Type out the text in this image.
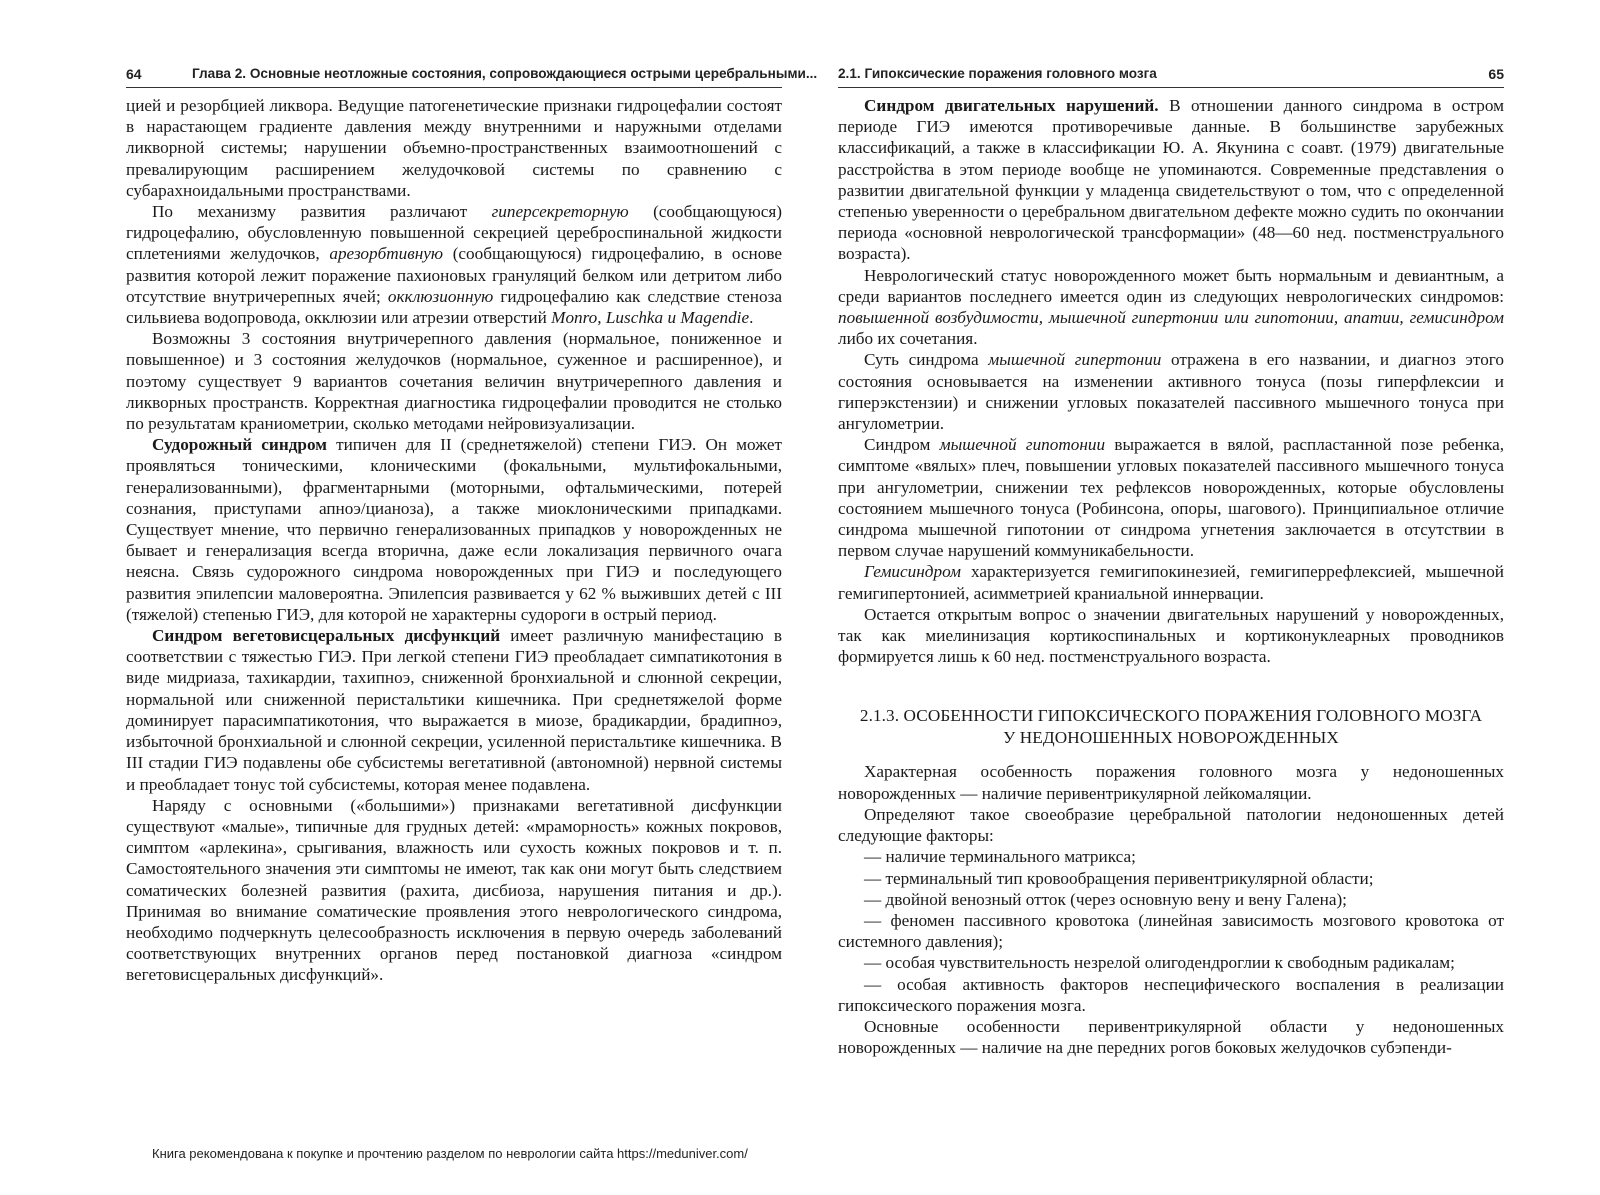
64	Глава 2. Основные неотложные состояния, сопровождающиеся острыми церебральными...

цией и резорбцией ликвора. Ведущие патогенетические признаки гидроцефалии состоят в нарастающем градиенте давления между внутренними и наружными отделами ликворной системы; нарушении объемно-пространственных взаимоотношений с превалирующим расширением желудочковой системы по сравнению с субарахноидальными пространствами.

По механизму развития различают гиперсекреторную (сообщающуюся) гидроцефалию, обусловленную повышенной секрецией цереброспинальной жидкости сплетениями желудочков, арезорбтивную (сообщающуюся) гидроцефалию, в основе развития которой лежит поражение пахионовых грануляций белком или детритом либо отсутствие внутричерепных ячей; окклюзионную гидроцефалию как следствие стеноза сильвиева водопровода, окклюзии или атрезии отверстий Monro, Luschka и Magendie.

Возможны 3 состояния внутричерепного давления (нормальное, пониженное и повышенное) и 3 состояния желудочков (нормальное, суженное и расширенное), и поэтому существует 9 вариантов сочетания величин внутричерепного давления и ликворных пространств. Корректная диагностика гидроцефалии проводится не столько по результатам краниометрии, сколько методами нейровизуализации.

Судорожный синдром типичен для II (среднетяжелой) степени ГИЭ. Он может проявляться тоническими, клоническими (фокальными, мультифокальными, генерализованными), фрагментарными (моторными, офтальмическими, потерей сознания, приступами апноэ/цианоза), а также миоклоническими припадками. Существует мнение, что первично генерализованных припадков у новорожденных не бывает и генерализация всегда вторична, даже если локализация первичного очага неясна. Связь судорожного синдрома новорожденных при ГИЭ и последующего развития эпилепсии маловероятна. Эпилепсия развивается у 62 % выживших детей с III (тяжелой) степенью ГИЭ, для которой не характерны судороги в острый период.

Синдром вегетовисцеральных дисфункций имеет различную манифестацию в соответствии с тяжестью ГИЭ. При легкой степени ГИЭ преобладает симпатикотония в виде мидриаза, тахикардии, тахипноэ, сниженной бронхиальной и слюнной секреции, нормальной или сниженной перистальтики кишечника. При среднетяжелой форме доминирует парасимпатикотония, что выражается в миозе, брадикардии, брадипноэ, избыточной бронхиальной и слюнной секреции, усиленной перистальтике кишечника. В III стадии ГИЭ подавлены обе субсистемы вегетативной (автономной) нервной системы и преобладает тонус той субсистемы, которая менее подавлена.

Наряду с основными («большими») признаками вегетативной дисфункции существуют «малые», типичные для грудных детей: «мраморность» кожных покровов, симптом «арлекина», срыгивания, влажность или сухость кожных покровов и т. п. Самостоятельного значения эти симптомы не имеют, так как они могут быть следствием соматических болезней развития (рахита, дисбиоза, нарушения питания и др.). Принимая во внимание соматические проявления этого неврологического синдрома, необходимо подчеркнуть целесообразность исключения в первую очередь заболеваний соответствующих внутренних органов перед постановкой диагноза «синдром вегетовисцеральных дисфункций».

2.1. Гипоксические поражения головного мозга	65

Синдром двигательных нарушений. В отношении данного синдрома в остром периоде ГИЭ имеются противоречивые данные. В большинстве зарубежных классификаций, а также в классификации Ю. А. Якунина с соавт. (1979) двигательные расстройства в этом периоде вообще не упоминаются. Современные представления о развитии двигательной функции у младенца свидетельствуют о том, что с определенной степенью уверенности о церебральном двигательном дефекте можно судить по окончании периода «основной неврологической трансформации» (48—60 нед. постменструального возраста).

Неврологический статус новорожденного может быть нормальным и девиантным, а среди вариантов последнего имеется один из следующих неврологических синдромов: повышенной возбудимости, мышечной гипертонии или гипотонии, апатии, гемисиндром либо их сочетания.

Суть синдрома мышечной гипертонии отражена в его названии, и диагноз этого состояния основывается на изменении активного тонуса (позы гиперфлексии и гиперэкстензии) и снижении угловых показателей пассивного мышечного тонуса при ангулометрии.

Синдром мышечной гипотонии выражается в вялой, распластанной позе ребенка, симптоме «вялых» плеч, повышении угловых показателей пассивного мышечного тонуса при ангулометрии, снижении тех рефлексов новорожденных, которые обусловлены состоянием мышечного тонуса (Робинсона, опоры, шагового). Принципиальное отличие синдрома мышечной гипотонии от синдрома угнетения заключается в отсутствии в первом случае нарушений коммуникабельности.

Гемисиндром характеризуется гемигипокинезией, гемигиперрефлексией, мышечной гемигипертонией, асимметрией краниальной иннервации.

Остается открытым вопрос о значении двигательных нарушений у новорожденных, так как миелинизация кортикоспинальных и кортиконуклеарных проводников формируется лишь к 60 нед. постменструального возраста.

2.1.3. ОСОБЕННОСТИ ГИПОКСИЧЕСКОГО ПОРАЖЕНИЯ ГОЛОВНОГО МОЗГА
У НЕДОНОШЕННЫХ НОВОРОЖДЕННЫХ

Характерная особенность поражения головного мозга у недоношенных новорожденных — наличие перивентрикулярной лейкомаляции.

Определяют такое своеобразие церебральной патологии недоношенных детей следующие факторы:

— наличие терминального матрикса;

— терминальный тип кровообращения перивентрикулярной области;

— двойной венозный отток (через основную вену и вену Галена);

— феномен пассивного кровотока (линейная зависимость мозгового кровотока от системного давления);

— особая чувствительность незрелой олигодендроглии к свободным радикалам;

— особая активность факторов неспецифического воспаления в реализации гипоксического поражения мозга.

Основные особенности перивентрикулярной области у недоношенных новорожденных — наличие на дне передних рогов боковых желудочков субэпенди-

Книга рекомендована к покупке и прочтению разделом по неврологии сайта https://meduniver.com/
